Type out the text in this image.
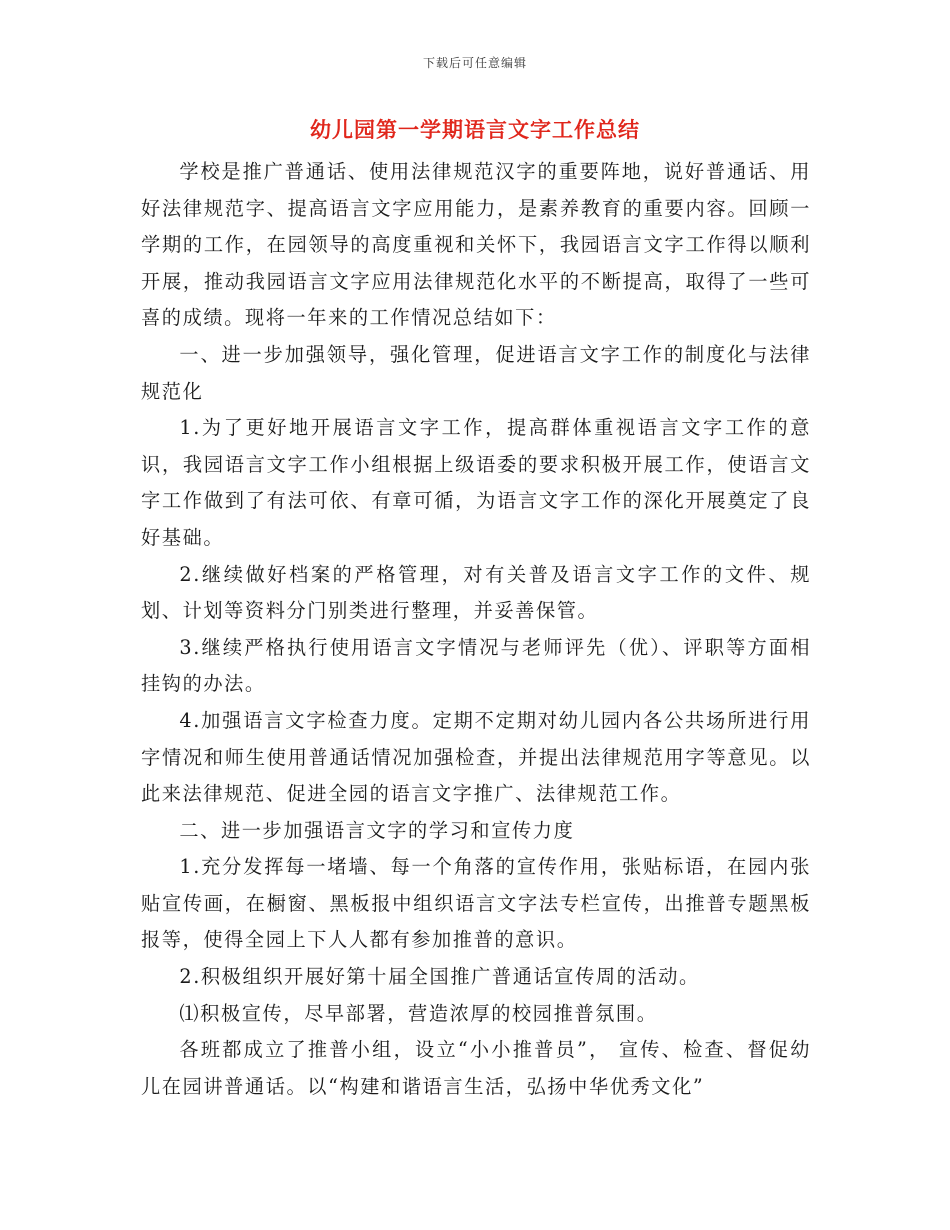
下载后可任意编辑
幼儿园第一学期语言文字工作总结

学校是推广普通话、使用法律规范汉字的重要阵地，说好普通话、用好法律规范字、提高语言文字应用能力，是素养教育的重要内容。回顾一学期的工作，在园领导的高度重视和关怀下，我园语言文字工作得以顺利开展，推动我园语言文字应用法律规范化水平的不断提高，取得了一些可喜的成绩。现将一年来的工作情况总结如下：

一、进一步加强领导，强化管理，促进语言文字工作的制度化与法律规范化

1.为了更好地开展语言文字工作，提高群体重视语言文字工作的意识，我园语言文字工作小组根据上级语委的要求积极开展工作，使语言文字工作做到了有法可依、有章可循，为语言文字工作的深化开展奠定了良好基础。

2.继续做好档案的严格管理，对有关普及语言文字工作的文件、规划、计划等资料分门别类进行整理，并妥善保管。

3.继续严格执行使用语言文字情况与老师评先（优）、评职等方面相挂钩的办法。

4.加强语言文字检查力度。定期不定期对幼儿园内各公共场所进行用字情况和师生使用普通话情况加强检查，并提出法律规范用字等意见。以此来法律规范、促进全园的语言文字推广、法律规范工作。

二、进一步加强语言文字的学习和宣传力度

1.充分发挥每一堵墙、每一个角落的宣传作用，张贴标语，在园内张贴宣传画，在橱窗、黑板报中组织语言文字法专栏宣传，出推普专题黑板报等，使得全园上下人人都有参加推普的意识。

2.积极组织开展好第十届全国推广普通话宣传周的活动。

⑴积极宣传，尽早部署，营造浓厚的校园推普氛围。

各班都成立了推普小组，设立“小小推普员”， 宣传、检查、督促幼儿在园讲普通话。以“构建和谐语言生活，弘扬中华优秀文化”
